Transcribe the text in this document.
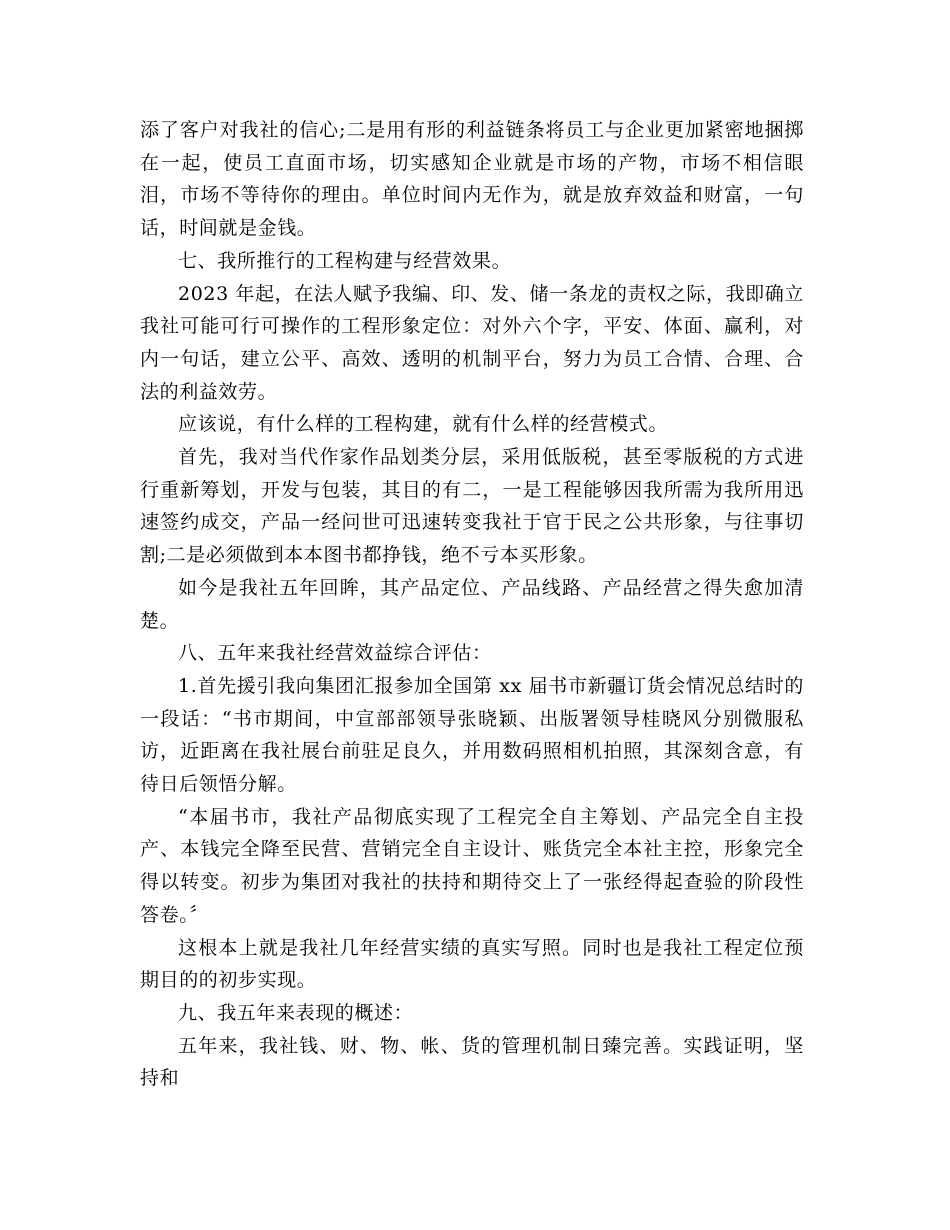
添了客户对我社的信心;二是用有形的利益链条将员工与企业更加紧密地捆掷在一起，使员工直面市场，切实感知企业就是市场的产物，市场不相信眼泪，市场不等待你的理由。单位时间内无作为，就是放弃效益和财富，一句话，时间就是金钱。

七、我所推行的工程构建与经营效果。

2023 年起，在法人赋予我编、印、发、储一条龙的责权之际，我即确立我社可能可行可操作的工程形象定位：对外六个字，平安、体面、赢利，对内一句话，建立公平、高效、透明的机制平台，努力为员工合情、合理、合法的利益效劳。

应该说，有什么样的工程构建，就有什么样的经营模式。

首先，我对当代作家作品划类分层，采用低版税，甚至零版税的方式进行重新筹划，开发与包装，其目的有二，一是工程能够因我所需为我所用迅速签约成交，产品一经问世可迅速转变我社于官于民之公共形象，与往事切割;二是必须做到本本图书都挣钱，绝不亏本买形象。

如今是我社五年回眸，其产品定位、产品线路、产品经营之得失愈加清楚。

八、五年来我社经营效益综合评估：

1.首先援引我向集团汇报参加全国第 xx 届书市新疆订货会情况总结时的一段话：“书市期间，中宣部部领导张晓颖、出版署领导桂晓风分别微服私访，近距离在我社展台前驻足良久，并用数码照相机拍照，其深刻含意，有待日后领悟分解。

“本届书市，我社产品彻底实现了工程完全自主筹划、产品完全自主投产、本钱完全降至民营、营销完全自主设计、账货完全本社主控，形象完全得以转变。初步为集团对我社的扶持和期待交上了一张经得起查验的阶段性答卷。〞

这根本上就是我社几年经营实绩的真实写照。同时也是我社工程定位预期目的的初步实现。

九、我五年来表现的概述：

五年来，我社钱、财、物、帐、货的管理机制日臻完善。实践证明，坚持和
